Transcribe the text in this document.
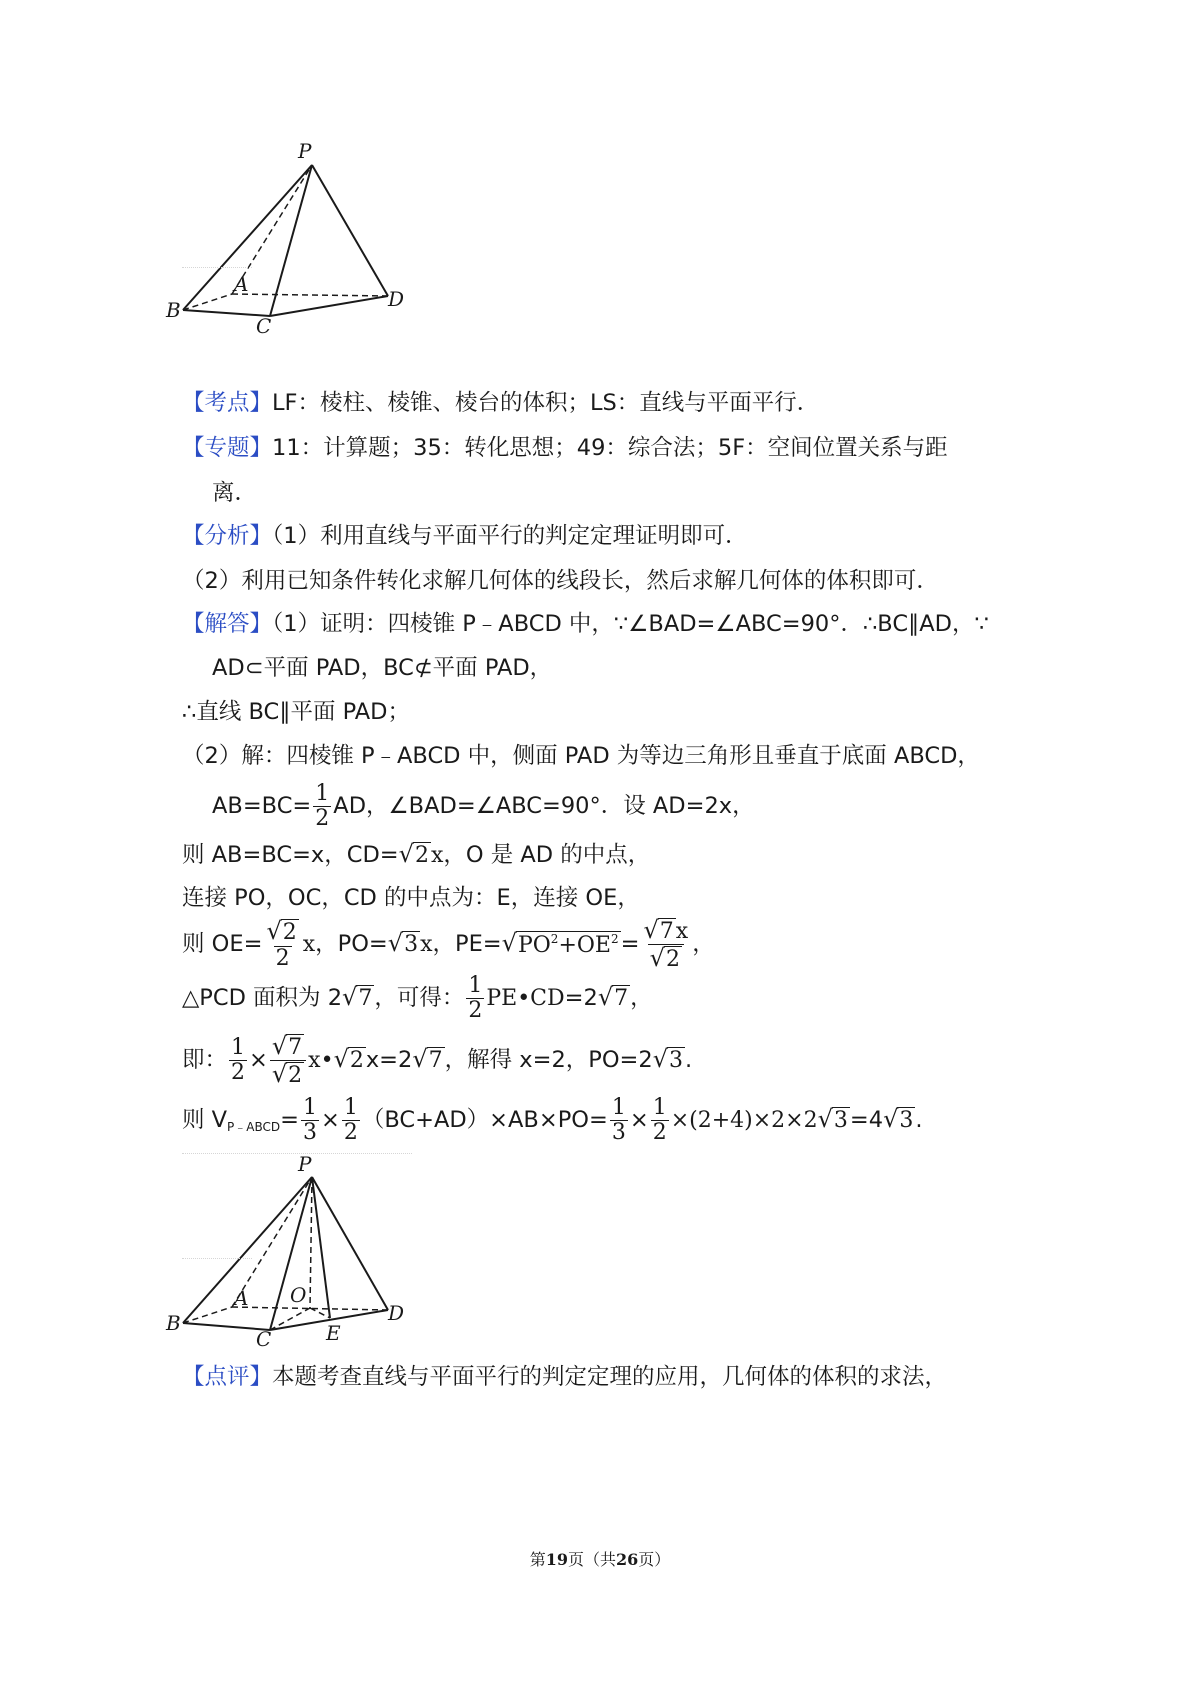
P
A
B
C
D
【考点】LF：棱柱、棱锥、棱台的体积；LS：直线与平面平行．
【专题】11：计算题；35：转化思想；49：综合法；5F：空间位置关系与距
离．
【分析】（1）利用直线与平面平行的判定定理证明即可．
（2）利用已知条件转化求解几何体的线段长，然后求解几何体的体积即可．
【解答】（1）证明：四棱锥 P﹣ABCD 中，∵∠BAD=∠ABC=90°．∴BC∥AD，∵
AD⊂平面 PAD，BC⊄平面 PAD，
∴直线 BC∥平面 PAD；
（2）解：四棱锥 P﹣ABCD 中，侧面 PAD 为等边三角形且垂直于底面 ABCD，
$AB=BC= \frac{1}{2}$ AD，∠BAD=∠ABC=90°．设 AD=2x，
则 AB=BC=x，CD= √ 2 x，O 是 AD 的中点，
连接 PO，OC，CD 的中点为：E，连接 OE，
则 $OE= \frac{√ 2}{2}$ x，PO= √ 3 x，PE= √ $PO^2+OE^2 = \frac{√ 7 x}{√ 2}$ ，
△PCD 面积为 2 √ 7 ，可得： $\frac{1}{2}$ PE•CD=2 √ 7 ，
即： $\frac{1}{2} \times \frac{√ 7}{√ 2}$ x• √ 2 x=2 √ 7 ，解得 x=2，PO=2 √ 3 .
则 $V_{P﹣ABCD}= \frac{1}{3} \times \frac{1}{2} (BC+AD)\times AB\times PO= \frac{1}{3} \times \frac{1}{2} \times(2+4)\times 2\times 2$ √ 3 =4 √ 3 .
P
A O
B
C	E
D
【点评】本题考查直线与平面平行的判定定理的应用，几何体的体积的求法，
第19页（共26页）
